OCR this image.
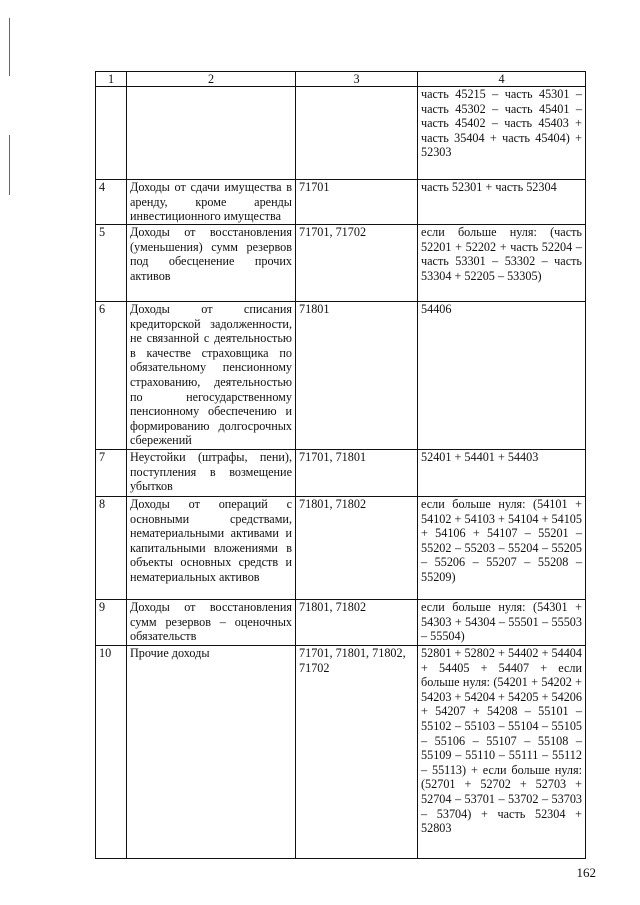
1	2	3	4
			часть 45215 – часть 45301 – часть 45302 – часть 45401 – часть 45402 – часть 45403 + часть 35404 + часть 45404) + 52303
4	Доходы от сдачи имущества в аренду, кроме аренды инвестиционного имущества	71701	часть 52301 + часть 52304
5	Доходы от восстановления (уменьшения) сумм резервов под обесценение прочих активов	71701, 71702	если больше нуля: (часть 52201 + 52202 + часть 52204 – часть 53301 – 53302 – часть 53304 + 52205 – 53305)
6	Доходы от списания кредиторской задолженности, не связанной с деятельностью в качестве страховщика по обязательному пенсионному страхованию, деятельностью по негосударственному пенсионному обеспечению и формированию долгосрочных сбережений	71801	54406
7	Неустойки (штрафы, пени), поступления в возмещение убытков	71701, 71801	52401 + 54401 + 54403
8	Доходы от операций с основными средствами, нематериальными активами и капитальными вложениями в объекты основных средств и нематериальных активов	71801, 71802	если больше нуля: (54101 + 54102 + 54103 + 54104 + 54105 + 54106 + 54107 – 55201 – 55202 – 55203 – 55204 – 55205 – 55206 – 55207 – 55208 – 55209)
9	Доходы от восстановления сумм резервов – оценочных обязательств	71801, 71802	если больше нуля: (54301 + 54303 + 54304 – 55501 – 55503 – 55504)
10	Прочие доходы	71701, 71801, 71802, 71702	52801 + 52802 + 54402 + 54404 + 54405 + 54407 + если больше нуля: (54201 + 54202 + 54203 + 54204 + 54205 + 54206 + 54207 + 54208 – 55101 – 55102 – 55103 – 55104 – 55105 – 55106 – 55107 – 55108 – 55109 – 55110 – 55111 – 55112 – 55113) + если больше нуля: (52701 + 52702 + 52703 + 52704 – 53701 – 53702 – 53703 – 53704) + часть 52304 + 52803
162
